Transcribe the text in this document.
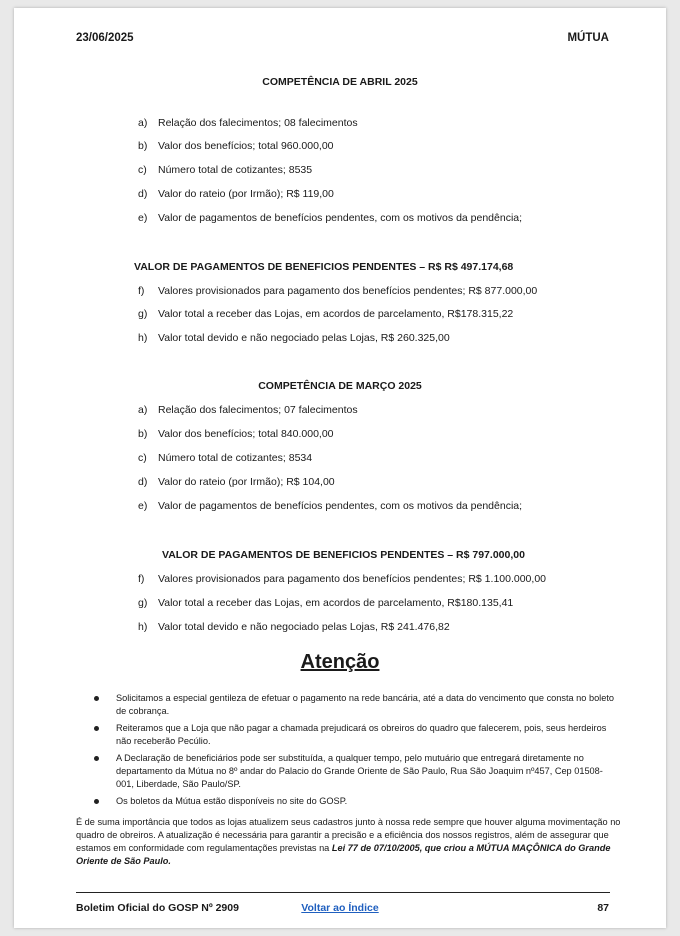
23/06/2025	MÚTUA
COMPETÊNCIA DE ABRIL 2025
a) Relação dos falecimentos; 08 falecimentos
b) Valor dos benefícios; total 960.000,00
c) Número total de cotizantes; 8535
d) Valor do rateio (por Irmão); R$ 119,00
e) Valor de pagamentos de benefícios pendentes, com os motivos da pendência;
VALOR DE PAGAMENTOS DE BENEFICIOS PENDENTES – R$ R$ 497.174,68
f) Valores provisionados para pagamento dos benefícios pendentes; R$ 877.000,00
g) Valor total a receber das Lojas, em acordos de parcelamento, R$178.315,22
h) Valor total devido e não negociado pelas Lojas, R$ 260.325,00
COMPETÊNCIA DE MARÇO 2025
a) Relação dos falecimentos; 07 falecimentos
b) Valor dos benefícios; total 840.000,00
c) Número total de cotizantes; 8534
d) Valor do rateio (por Irmão); R$ 104,00
e) Valor de pagamentos de benefícios pendentes, com os motivos da pendência;
VALOR DE PAGAMENTOS DE BENEFICIOS PENDENTES – R$ 797.000,00
f) Valores provisionados para pagamento dos benefícios pendentes; R$ 1.100.000,00
g) Valor total a receber das Lojas, em acordos de parcelamento, R$180.135,41
h) Valor total devido e não negociado pelas Lojas, R$ 241.476,82
Atenção
Solicitamos a especial gentileza de efetuar o pagamento na rede bancária, até a data do vencimento que consta no boleto de cobrança.
Reiteramos que a Loja que não pagar a chamada prejudicará os obreiros do quadro que falecerem, pois, seus herdeiros não receberão Pecúlio.
A Declaração de beneficiários pode ser substituída, a qualquer tempo, pelo mutuário que entregará diretamente no departamento da Mútua no 8º andar do Palacio do Grande Oriente de São Paulo, Rua São Joaquim nº457, Cep 01508-001, Liberdade, São Paulo/SP.
Os boletos da Mútua estão disponíveis no site do GOSP.
É de suma importância que todos as lojas atualizem seus cadastros junto à nossa rede sempre que houver alguma movimentação no quadro de obreiros. A atualização é necessária para garantir a precisão e a eficiência dos nossos registros, além de assegurar que estamos em conformidade com regulamentações previstas na Lei 77 de 07/10/2005, que criou a MÚTUA MAÇÔNICA do Grande Oriente de São Paulo.
Boletim Oficial do GOSP Nº 2909	Voltar ao Índice	87
